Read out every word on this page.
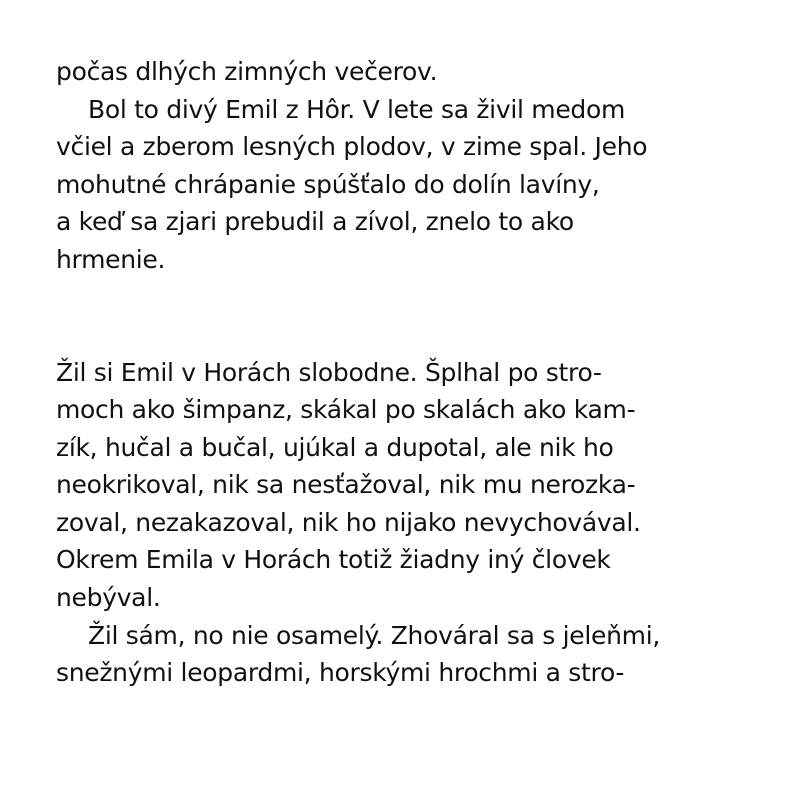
počas dlhých zimných večerov.

Bol to divý Emil z Hôr. V lete sa živil medom

včiel a zberom lesných plodov, v zime spal. Jeho

mohutné chrápanie spúšťalo do dolín lavíny,

a keď sa zjari prebudil a zívol, znelo to ako

hrmenie.

Žil si Emil v Horách slobodne. Šplhal po stro-

moch ako šimpanz, skákal po skalách ako kam-

zík, hučal a bučal, ujúkal a dupotal, ale nik ho

neokrikoval, nik sa nesťažoval, nik mu nerozka-

zoval, nezakazoval, nik ho nijako nevychovával.

Okrem Emila v Horách totiž žiadny iný človek

nebýval.

Žil sám, no nie osamelý. Zhováral sa s jeleňmi,

snežnými leopardmi, horskými hrochmi a stro-
